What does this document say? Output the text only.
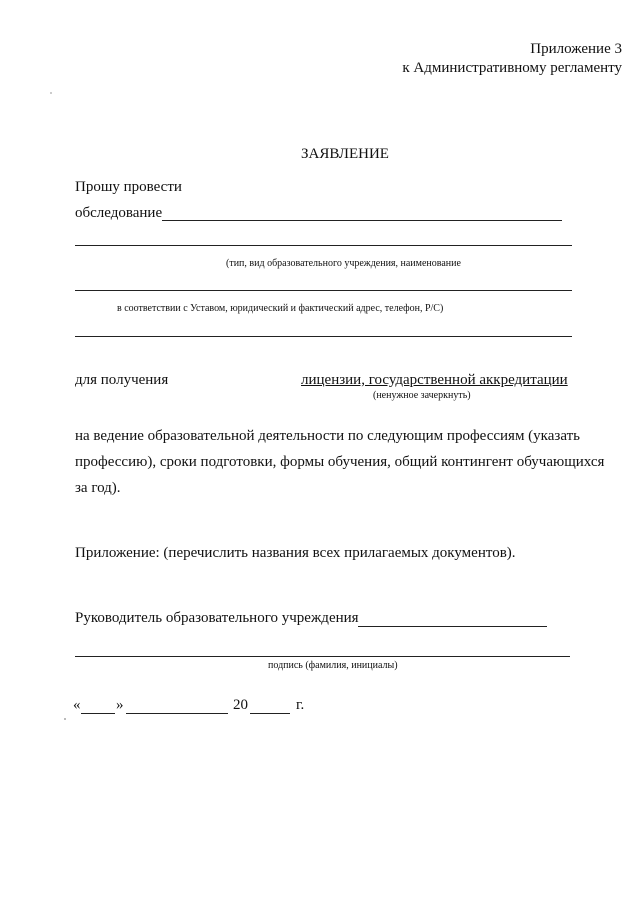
Приложение 3
к Административному регламенту
ЗАЯВЛЕНИЕ
Прошу провести
обследование
(тип, вид образовательного учреждения, наименование
в соответствии с Уставом, юридический и фактический адрес, телефон, Р/С)
для получения	лицензии, государственной аккредитации
(ненужное зачеркнуть)
на ведение образовательной деятельности по следующим профессиям (указать
профессию), сроки подготовки, формы обучения, общий контингент обучающихся
за год).
Приложение: (перечислить названия всех прилагаемых документов).
Руководитель образовательного учреждения
подпись (фамилия, инициалы)
« »	20	г.
